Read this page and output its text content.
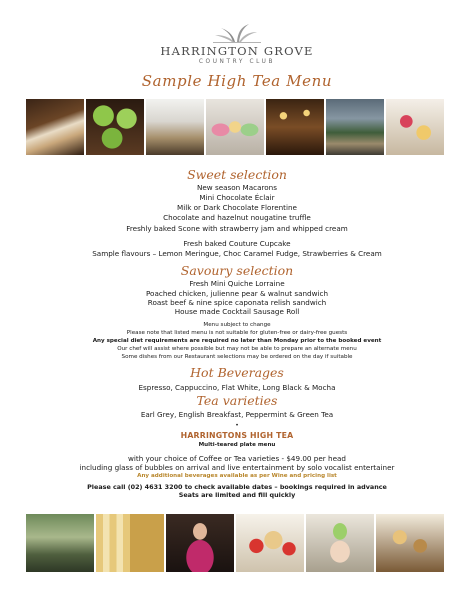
HARRINGTON GROVE
COUNTRY CLUB
Sample High Tea Menu
Sweet selection
New season Macarons
Mini Chocolate Éclair
Milk or Dark Chocolate Florentine
Chocolate and hazelnut nougatine truffle
Freshly baked Scone with strawberry jam and whipped cream
Fresh baked Couture Cupcake
Sample flavours – Lemon Meringue, Choc Caramel Fudge, Strawberries & Cream
Savoury selection
Fresh Mini Quiche Lorraine
Poached chicken, julienne pear & walnut sandwich
Roast beef & nine spice caponata relish sandwich
House made Cocktail Sausage Roll
Menu subject to change
Please note that listed menu is not suitable for gluten-free or dairy-free guests
Any special diet requirements are required no later than Monday prior to the booked event
Our chef will assist where possible but may not be able to prepare an alternate menu
Some dishes from our Restaurant selections may be ordered on the day if suitable
Hot Beverages
Espresso, Cappuccino, Flat White, Long Black & Mocha
Tea varieties
Earl Grey, English Breakfast, Peppermint & Green Tea
•
HARRINGTONS HIGH TEA
Multi-teared plate menu
with your choice of Coffee or Tea varieties - $49.00 per head
including glass of bubbles on arrival and live entertainment by solo vocalist entertainer
Any additional beverages available as per Wine and pricing list
Please call (02) 4631 3200 to check available dates – bookings required in advance
Seats are limited and fill quickly
